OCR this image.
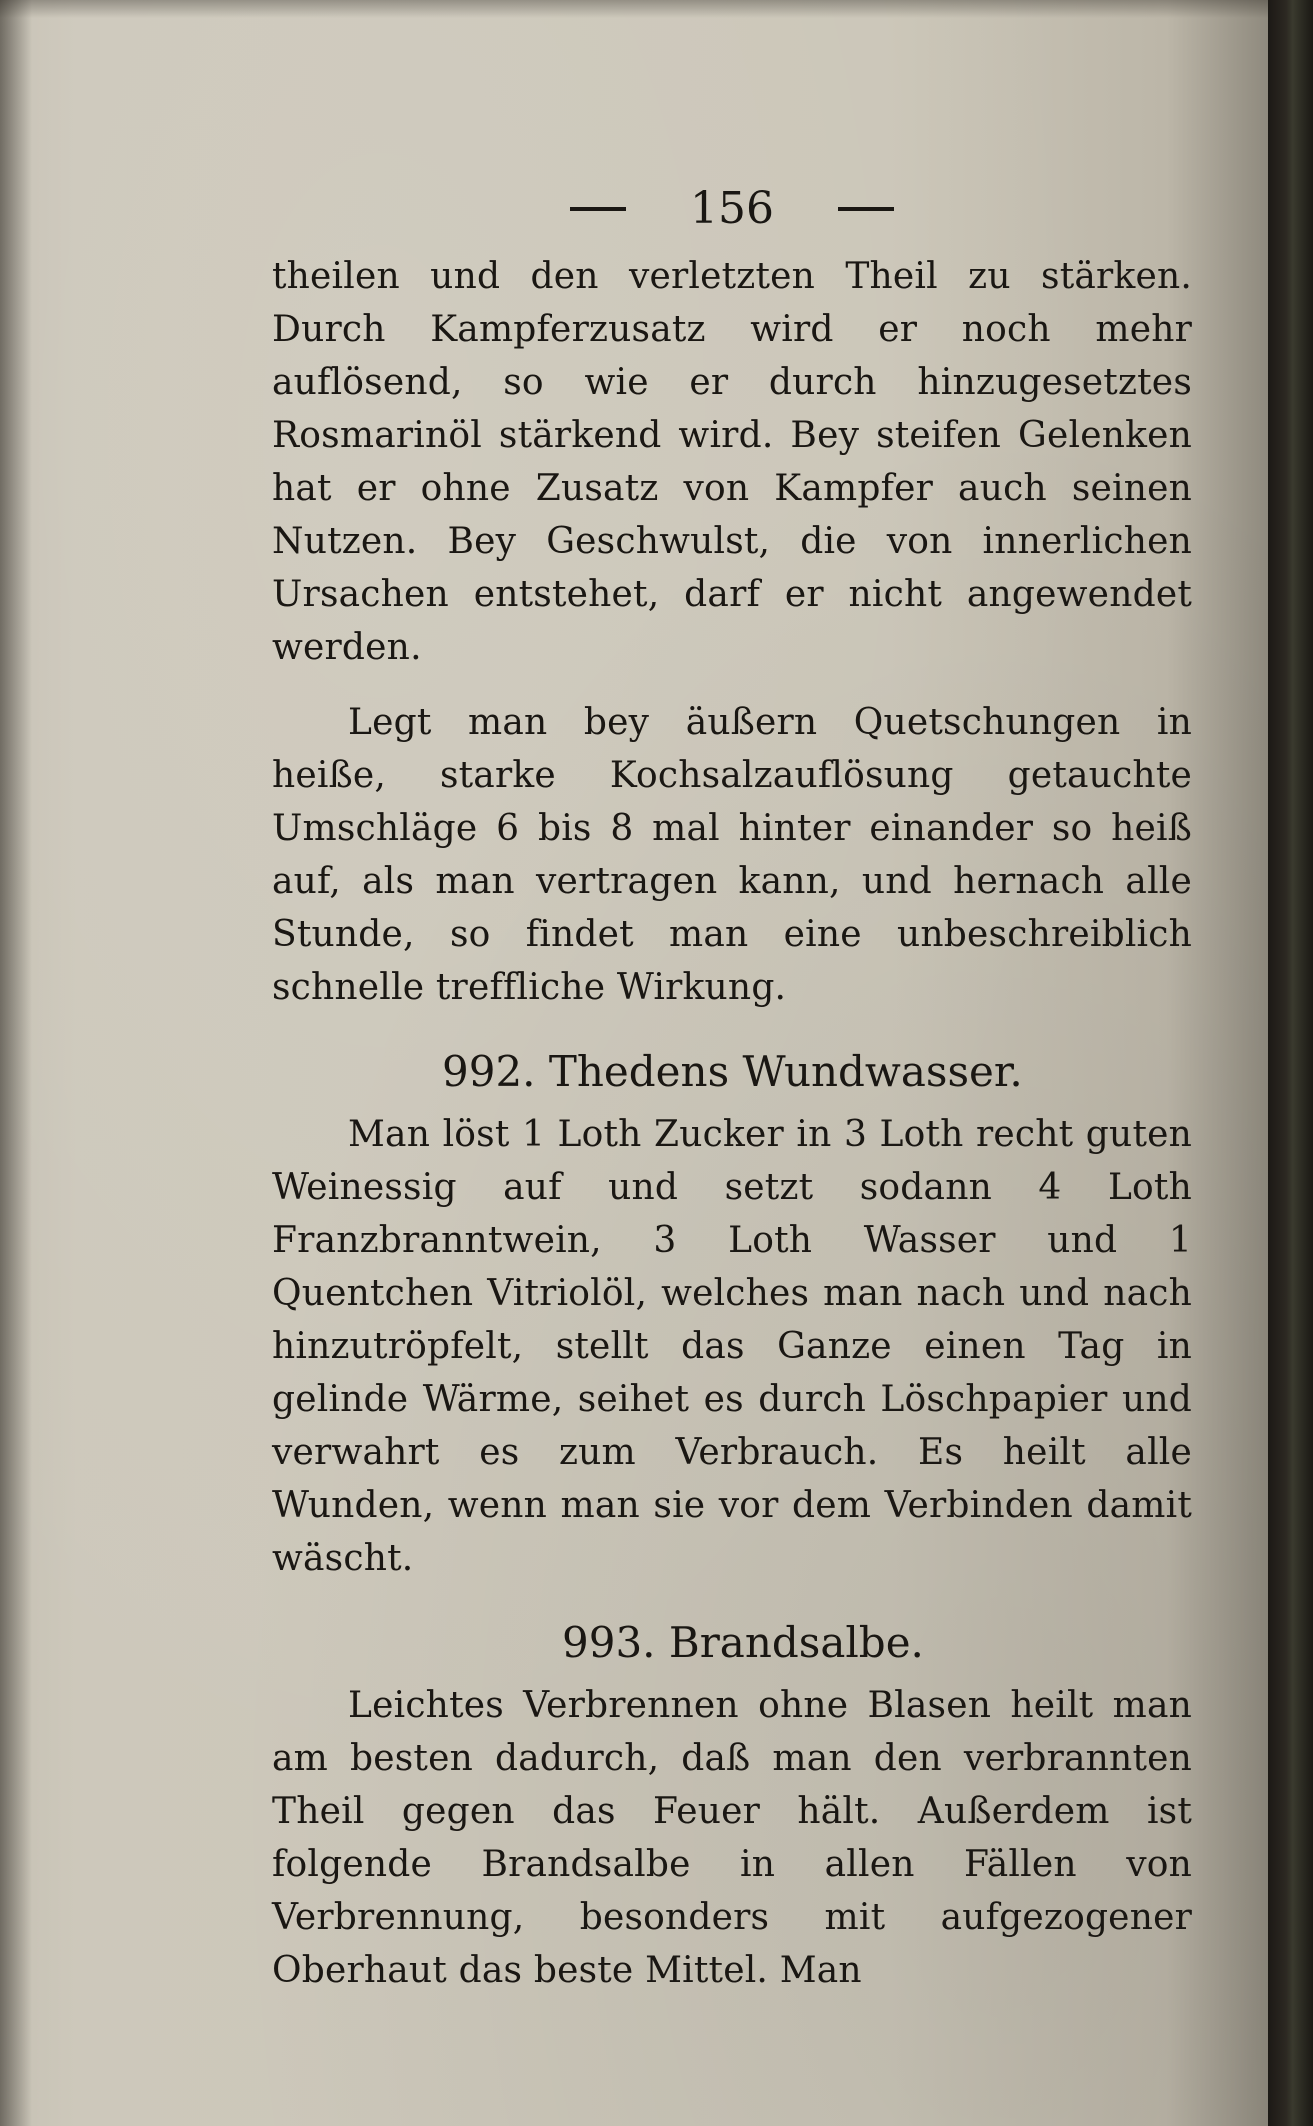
156

theilen und den verletzten Theil zu stärken. Durch Kampferzusatz wird er noch mehr auflösend, so wie er durch hinzugesetztes Rosmarinöl stärkend wird. Bey steifen Gelenken hat er ohne Zusatz von Kampfer auch seinen Nutzen. Bey Geschwulst, die von innerlichen Ursachen entstehet, darf er nicht angewendet werden.

Legt man bey äußern Quetschungen in heiße, starke Kochsalzauflösung getauchte Umschläge 6 bis 8 mal hinter einander so heiß auf, als man vertragen kann, und hernach alle Stunde, so findet man eine unbeschreiblich schnelle treffliche Wirkung.

992. Thedens Wundwasser.

Man löst 1 Loth Zucker in 3 Loth recht guten Weinessig auf und setzt sodann 4 Loth Franzbranntwein, 3 Loth Wasser und 1 Quentchen Vitriolöl, welches man nach und nach hinzutröpfelt, stellt das Ganze einen Tag in gelinde Wärme, seihet es durch Löschpapier und verwahrt es zum Verbrauch. Es heilt alle Wunden, wenn man sie vor dem Verbinden damit wäscht.

993. Brandsalbe.

Leichtes Verbrennen ohne Blasen heilt man am besten dadurch, daß man den verbrannten Theil gegen das Feuer hält. Außerdem ist folgende Brandsalbe in allen Fällen von Verbrennung, besonders mit aufgezogener Oberhaut das beste Mittel. Man
